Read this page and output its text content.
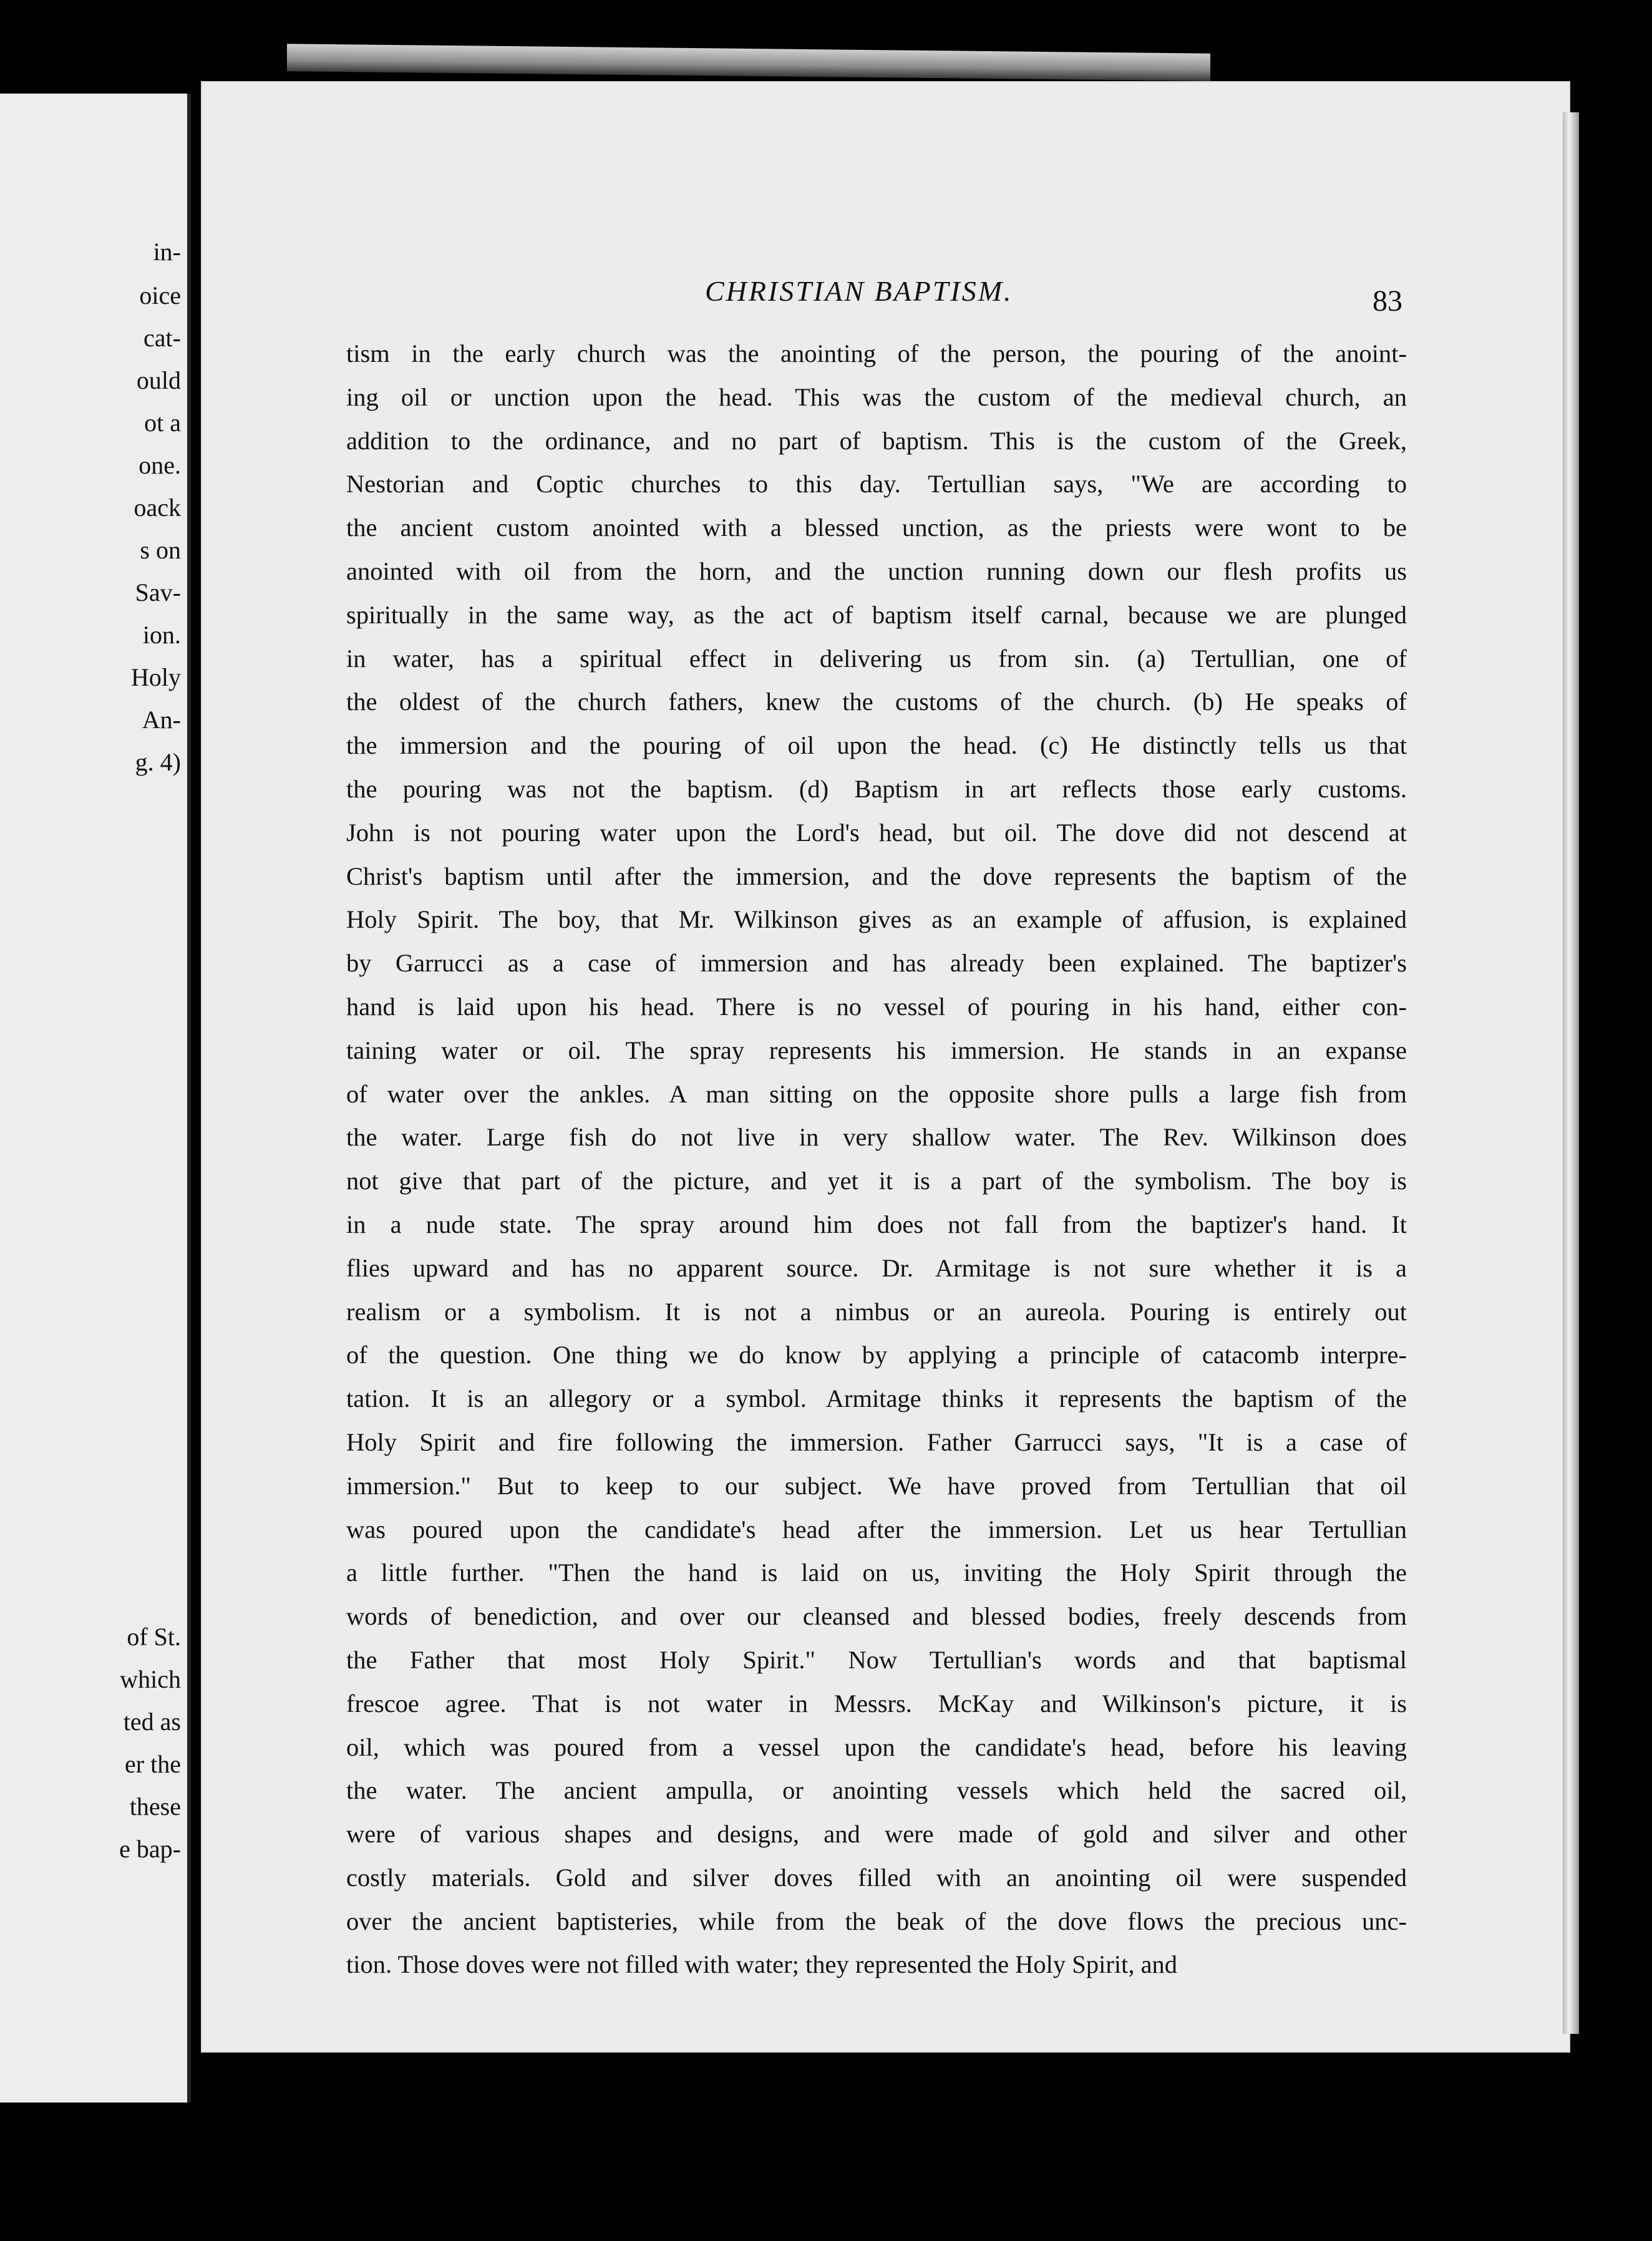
in-
oice
cat-
ould
ot a
one.
oack
s on
Sav-
ion.
Holy
An-
g. 4)
of St.
which
ted as
er the
these
e bap-
CHRISTIAN BAPTISM.	83
tism in the early church was the anointing of the person, the pouring of the anoint-
ing oil or unction upon the head. This was the custom of the medieval church, an
addition to the ordinance, and no part of baptism. This is the custom of the Greek,
Nestorian and Coptic churches to this day. Tertullian says, "We are according to
the ancient custom anointed with a blessed unction, as the priests were wont to be
anointed with oil from the horn, and the unction running down our flesh profits us
spiritually in the same way, as the act of baptism itself carnal, because we are plunged
in water, has a spiritual effect in delivering us from sin. (a) Tertullian, one of
the oldest of the church fathers, knew the customs of the church. (b) He speaks of
the immersion and the pouring of oil upon the head. (c) He distinctly tells us that
the pouring was not the baptism. (d) Baptism in art reflects those early customs.
John is not pouring water upon the Lord's head, but oil. The dove did not descend at
Christ's baptism until after the immersion, and the dove represents the baptism of the
Holy Spirit. The boy, that Mr. Wilkinson gives as an example of affusion, is explained
by Garrucci as a case of immersion and has already been explained. The baptizer's
hand is laid upon his head. There is no vessel of pouring in his hand, either con-
taining water or oil. The spray represents his immersion. He stands in an expanse
of water over the ankles. A man sitting on the opposite shore pulls a large fish from
the water. Large fish do not live in very shallow water. The Rev. Wilkinson does
not give that part of the picture, and yet it is a part of the symbolism. The boy is
in a nude state. The spray around him does not fall from the baptizer's hand. It
flies upward and has no apparent source. Dr. Armitage is not sure whether it is a
realism or a symbolism. It is not a nimbus or an aureola. Pouring is entirely out
of the question. One thing we do know by applying a principle of catacomb interpre-
tation. It is an allegory or a symbol. Armitage thinks it represents the baptism of the
Holy Spirit and fire following the immersion. Father Garrucci says, "It is a case of
immersion." But to keep to our subject. We have proved from Tertullian that oil
was poured upon the candidate's head after the immersion. Let us hear Tertullian
a little further. "Then the hand is laid on us, inviting the Holy Spirit through the
words of benediction, and over our cleansed and blessed bodies, freely descends from
the Father that most Holy Spirit." Now Tertullian's words and that baptismal
frescoe agree. That is not water in Messrs. McKay and Wilkinson's picture, it is
oil, which was poured from a vessel upon the candidate's head, before his leaving
the water. The ancient ampulla, or anointing vessels which held the sacred oil,
were of various shapes and designs, and were made of gold and silver and other
costly materials. Gold and silver doves filled with an anointing oil were suspended
over the ancient baptisteries, while from the beak of the dove flows the precious unc-
tion. Those doves were not filled with water; they represented the Holy Spirit, and
